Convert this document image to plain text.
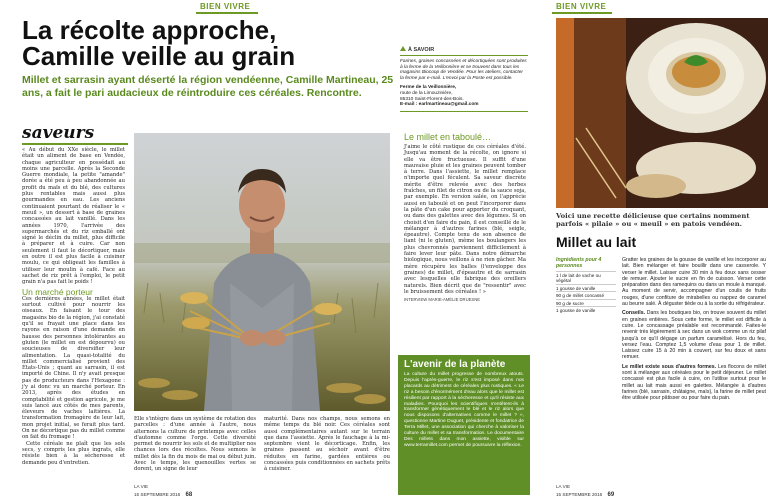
BIEN VIVRE
La récolte approche,
Camille veille au grain
Millet et sarrasin ayant déserté la région vendéenne, Camille Martineau, 25 ans, a fait le pari audacieux de réintroduire ces céréales. Rencontre.
saveurs
« Au début du XXe siècle, le millet était un aliment de base en Vendée, chaque agriculteur en possédait au moins une parcelle. Après la Seconde Guerre mondiale, la petite "amande" dorée a été peu à peu abandonnée au profit du maïs et du blé, des cultures plus rentables mais aussi plus gourmandes en eau. Les anciens continuaient pourtant de réaliser le « meuil », un dessert à base de graines concassées au lait vanillé. Dans les années 1970, l'arrivée des supermarchés et du riz emballé ont signé le déclin du millet, plus difficile à préparer et à cuire. Car non seulement il faut le décortiquer, mais en outre il est plus facile à cuisiner moulu, ce qui obligeait les familles à utiliser leur moulin à café. Face au sachet de riz prêt à l'emploi, le petit grain n'a pas fait le poids !
Un marché porteur
Ces dernières années, le millet était surtout cultivé pour nourrir les oiseaux. En faisant le tour des magasins bio de la région, j'ai constaté qu'il se frayait une place dans les rayons en raison d'une demande en hausse des personnes intolérantes au gluten (le millet en est dépourvu) ou soucieuses de diversifier leur alimentation. La quasi-totalité du millet commercialisé provient des États-Unis ; quant au sarrasin, il est importé de Chine. Il n'y avait presque pas de producteurs dans l'Hexagone : j'y ai donc vu un marché porteur. En 2013, après des études en comptabilité et gestion agricole, je me suis lancé aux côtés de mes parents, éleveurs de vaches laitières. La transformation fromagère de leur lait, mon projet initial, se ferait plus tard. On ne décortique pas du millet comme on fait du fromage !
Cette céréale ne plaît que les sols secs, y compris les plus ingrats, elle résiste bien à la sécheresse et demande peu d'entretien.
Elle s'intègre dans un système de rotation des parcelles : d'une année à l'autre, nous alternons la culture de printemps avec celles d'automne comme l'orge. Cette diversité permet de nourrir les sols et de multiplier nos chances lors des récoltes. Nous semons le millet dès la fin du mois de mai ou début juin. Avec le temps, les quenouilles vertes se dorent, un signe de leur
maturité. Dans nos champs, nous semons en même temps du blé noir. Ces céréales sont aussi complémentaires autant sur le terrain que dans l'assiette. Après le fauchage à la mi-septembre vient le décorticage. Enfin, les graines passent au séchoir avant d'être réduites en farine, gardées entières ou concassées puis conditionnées en sachets prêts à cuisiner.
LA VIE
15 SEPTEMBRE 2016 68
À SAVOIR
Farines, graines concassées et décortiquées sont produites à la ferme de la Veillonnière et se trouvent dans tous les magasins Biocoop de Vendée. Pour les ateliers, contacter la ferme par e-mail. L'envoi par la Poste est possible.
Ferme de la Veillonnière,
route de la Limouzinière,
85310 Saint-Florent-des-Bois.
E-mail : earlmartineau@gmail.com
Le millet en taboulé…
J'aime le côté rustique de ces céréales d'été. Jusqu'au moment de la récolte, on ignore si elle va être fructueuse. Il suffit d'une mauvaise pluie et les graines peuvent tomber à terre. Dans l'assiette, le millet remplace n'importe quel féculent. Sa saveur discrète mérite d'être relevée avec des herbes fraîches, un filet de citron ou de la sauce soja, par exemple. En version salée, on l'apprécie aussi en taboulé et on peut l'incorporer dans la pâte d'un cake pour apporter du croquant, ou dans des galettes avec des légumes. Si on choisit d'en faire du pain, il est conseillé de le mélanger à d'autres farines (blé, seigle, épeautre). Compte tenu de son absence de liant (ni le gluten), même les boulangers les plus chevronnés parviennent difficilement à faire lever leur pâte. Dans notre démarche biologique, nous veillons à ne rien gâcher. Ma mère récupère les balles (l'enveloppe des graines) de millet, d'épeautre et de sarrasin avec lesquelles elle fabrique des oreillers naturels. Bien décrit que de "ressentir" avec le bruissement des céréales ! »
INTERVIEW MARIE-AMÉLIE DRUESNE
L'avenir de la planète
La culture du millet progresse de nombreux atouts. Depuis l'après-guerre, le riz s'est imposé dans nos placards au détriment de céréales plus rustiques. « Le riz a besoin d'énormément d'eau alors que le millet est résilient par rapport à la sécheresse et qu'il résiste aux maladies. Pourquoi les scientifiques s'entêtent-ils à transformer génétiquement le blé et le riz alors que nous disposons d'alternatives comme le millet ? », questionne Martine Duguet, présidente et fondatrice de Terra Millet, une association qui cherche à valoriser la culture du millet et sa transformation. Le documentaire Des millets dans mon assiette, visible sur www.terramillet.com permet de poursuivre la réflexion.
BIEN VIVRE
Voici une recette délicieuse que certains nomment parfois « pilaie » ou « meuil » en patois vendéen.
Millet au lait
Ingrédients pour 4 personnes
1 l de lait de vache ou végétal
1 gousse de vanille
90 g de millet concassé
90 g de sucre
1 gousse de vanille
Gratter les graines de la gousse de vanille et les incorporer au lait. Bien mélanger et faire bouillir dans une casserole. Y verser le millet. Laisser cuire 30 min à feu doux sans cesser de remuer. Ajouter le sucre en fin de cuisson. Verser cette préparation dans des ramequins ou dans un moule à manqué. Au moment de servir, accompagner d'un coulis de fruits rouges, d'une confiture de mirabelles ou nappez de caramel au beurre salé. À déguster tiède ou à la sortie du réfrigérateur.
Conseils. Dans les boutiques bio, on trouve souvent du millet en graines entières. Sous cette forme, le millet est difficile à cuire. Le concassage préalable est recommandé. Faites-le revenir très légèrement à sec dans un wok comme un riz pilaf jusqu'à ce qu'il dégage un parfum caramélisé. Hors du feu, versez l'eau. Comptez 1,5 volume d'eau pour 1 de millet. Laissez cuire 15 à 20 min à couvert, sur feu doux et sans remuer.
Le millet existe sous d'autres formes. Les flocons de millet sont à mélanger aux céréales pour le petit déjeuner. Le millet concassé est plus facile à cuire, on l'utilise surtout pour le millet au lait mais aussi en galettes. Mélangée à d'autres farines (blé, sarrasin, châtaigne, maïs), la farine de millet peut être utilisée pour pâtisser ou pour faire du pain.
LA VIE
15 SEPTEMBRE 2016 69
